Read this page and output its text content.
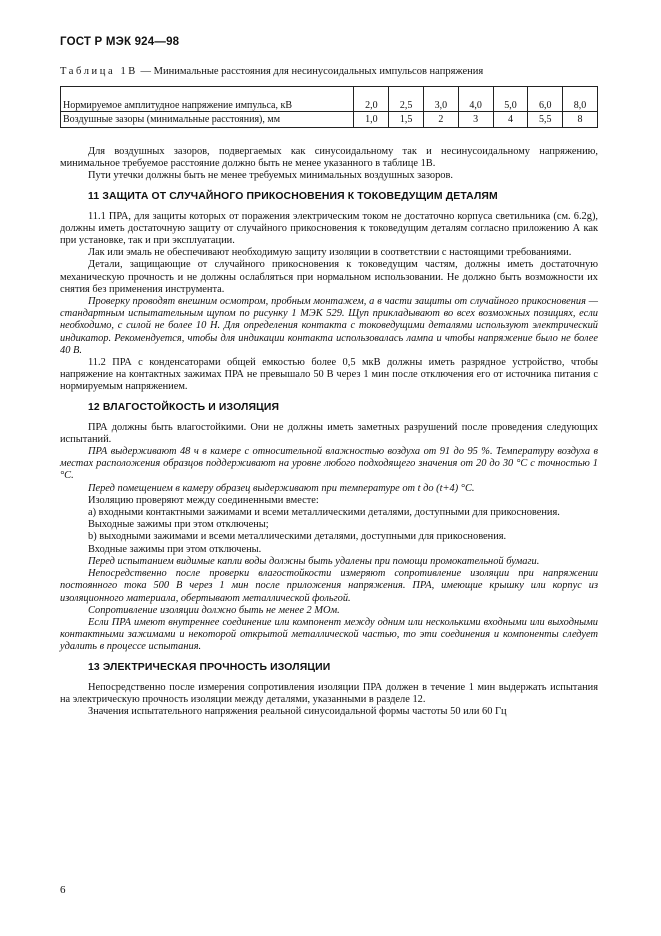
ГОСТ Р МЭК 924—98
Таблица 1В — Минимальные расстояния для несинусоидальных импульсов напряжения
Нормируемое амплитудное напряжение импульса, кВ	2,0	2,5	3,0	4,0	5,0	6,0	8,0
Воздушные зазоры (минимальные расстояния), мм	1,0	1,5	2	3	4	5,5	8

Для воздушных зазоров, подвергаемых как синусоидальному так и несинусоидальному напряжению, минимальное требуемое расстояние должно быть не менее указанного в таблице 1В.

Пути утечки должны быть не менее требуемых минимальных воздушных зазоров.

11 ЗАЩИТА ОТ СЛУЧАЙНОГО ПРИКОСНОВЕНИЯ К ТОКОВЕДУЩИМ ДЕТАЛЯМ

11.1 ПРА, для защиты которых от поражения электрическим током не достаточно корпуса светильника (см. 6.2g), должны иметь достаточную защиту от случайного прикосновения к токоведущим деталям согласно приложению А как при установке, так и при эксплуатации.

Лак или эмаль не обеспечивают необходимую защиту изоляции в соответствии с настоящими требованиями.

Детали, защищающие от случайного прикосновения к токоведущим частям, должны иметь достаточную механическую прочность и не должны ослабляться при нормальном использовании. Не должно быть возможности их снятия без применения инструмента.

Проверку проводят внешним осмотром, пробным монтажем, а в части защиты от случайного прикосновения — стандартным испытательным щупом по рисунку 1 МЭК 529. Щуп прикладывают во всех возможных позициях, если необходимо, с силой не более 10 Н. Для определения контакта с токоведущими деталями используют электрический индикатор. Рекомендуется, чтобы для индикации контакта использовалась лампа и чтобы напряжение было не более 40 В.

11.2 ПРА с конденсаторами общей емкостью более 0,5 мкВ должны иметь разрядное устройство, чтобы напряжение на контактных зажимах ПРА не превышало 50 В через 1 мин после отключения его от источника питания с нормируемым напряжением.

12 ВЛАГОСТОЙКОСТЬ И ИЗОЛЯЦИЯ

ПРА должны быть влагостойкими. Они не должны иметь заметных разрушений после проведения следующих испытаний.

ПРА выдерживают 48 ч в камере с относительной влажностью воздуха от 91 до 95 %. Температуру воздуха в местах расположения образцов поддерживают на уровне любого подходящего значения от 20 до 30 °С с точностью 1 °С.

Перед помещением в камеру образец выдерживают при температуре от t до (t+4) °С.

Изоляцию проверяют между соединенными вместе:

а) входными контактными зажимами и всеми металлическими деталями, доступными для прикосновения.

Выходные зажимы при этом отключены;

b) выходными зажимами и всеми металлическими деталями, доступными для прикосновения.

Входные зажимы при этом отключены.

Перед испытанием видимые капли воды должны быть удалены при помощи промокательной бумаги.

Непосредственно после проверки влагостойкости измеряют сопротивление изоляции при напряжении постоянного тока 500 В через 1 мин после приложения напряжения. ПРА, имеющие крышку или корпус из изоляционного материала, обертывают металлической фольгой.

Сопротивление изоляции должно быть не менее 2 МОм.

Если ПРА имеют внутреннее соединение или компонент между одним или несколькими входными или выходными контактными зажимами и некоторой открытой металлической частью, то эти соединения и компоненты следует удалить в процессе испытания.

13 ЭЛЕКТРИЧЕСКАЯ ПРОЧНОСТЬ ИЗОЛЯЦИИ

Непосредственно после измерения сопротивления изоляции ПРА должен в течение 1 мин выдержать испытания на электрическую прочность изоляции между деталями, указанными в разделе 12.

Значения испытательного напряжения реальной синусоидальной формы частоты 50 или 60 Гц

6
